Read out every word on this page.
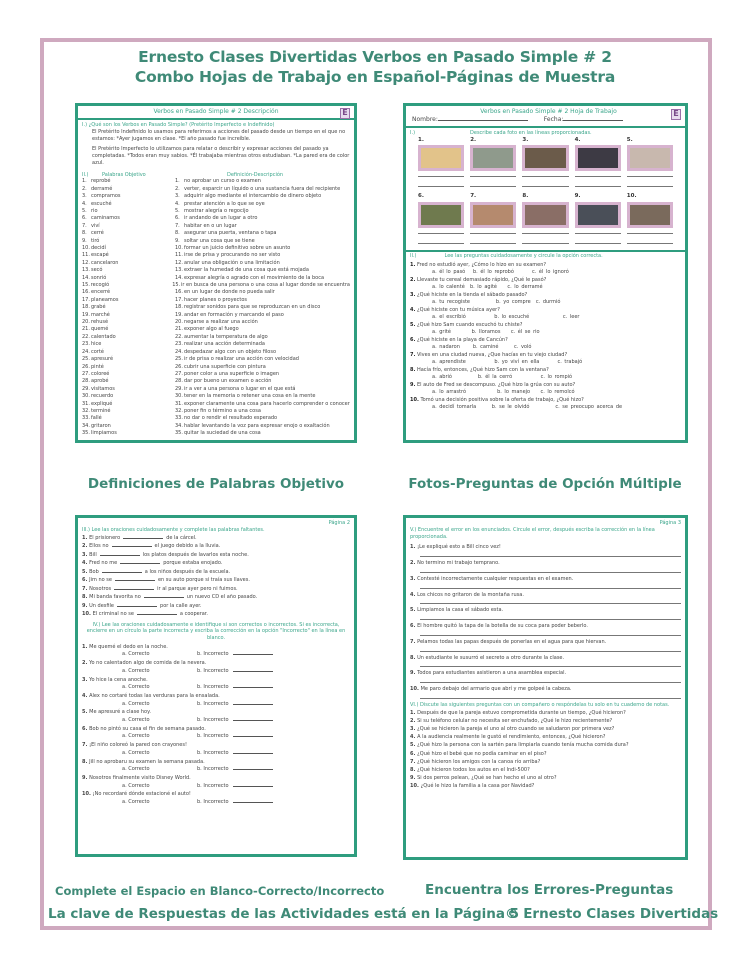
Ernesto Clases Divertidas Verbos en Pasado Simple # 2
Combo Hojas de Trabajo en Español-Páginas de Muestra
Verbos en Pasado Simple # 2 Descripción	E
I.) ¿Qué son los Verbos en Pasado Simple? (Pretérito Imperfecto e Indefinido)
El Pretérito Indefinido lo usamos para referirnos a acciones del pasado desde un tiempo en el que no estamos: *Ayer jugamos en clase. *El año pasado fue increíble.
El Pretérito Imperfecto lo utilizamos para relatar o describir y expresar acciones del pasado ya completadas. *Todos eran muy sabios. *Él trabajaba mientras otros estudiaban. *La pared era de color azul.
II.)	Palabras Objetivo	Definición-Descripción
1. reprobé	1. no aprobar un curso o examen
2. derramé	2. verter, esparcir un líquido o una sustancia fuera del recipiente
3. compramos	3. adquirir algo mediante el intercambio de dinero objeto
4. escuché	4. prestar atención a lo que se oye
5. rio	5. mostrar alegría o regocijo
6. caminamos	6. ir andando de un lugar a otro
7. viví	7. habitar en o un lugar
8. cerré	8. asegurar una puerta, ventana o tapa
9. tiró	9. soltar una cosa que se tiene
10. decidí	10. formar un juicio definitivo sobre un asunto
11. escapé	11. irse de prisa y procurando no ser visto
12. cancelaron	12. anular una obligación o una limitación
13. secó	13. extraer la humedad de una cosa que está mojada
14. sonrió	14. expresar alegría o agrado con el movimiento de la boca
15. recogió	15. ir en busca de una persona o una cosa al lugar donde se encuentra
16. encerré	16. en un lugar de donde no pueda salir
17. planeamos	17. hacer planes o proyectos
18. grabé	18. registrar sonidos para que se reproduzcan en un disco
19. marché	19. andar en formación y marcando el paso
20. rehusé	20. negarse a realizar una acción
21. quemé	21. exponer algo al fuego
22. calentado	22. aumentar la temperatura de algo
23. hice	23. realizar una acción determinada
24. corté	24. despedazar algo con un objeto filoso
25. apresuré	25. ir de prisa o realizar una acción con velocidad
26. pinté	26. cubrir una superficie con pintura
27. coloreé	27. poner color a una superficie o imagen
28. aprobé	28. dar por bueno un examen o acción
29. visitamos	29. ir a ver a una persona o lugar en el que está
30. recuerdo	30. tener en la memoria o retener una cosa en la mente
31. expliqué	31. exponer claramente una cosa para hacerlo comprender o conocer
32. terminé	32. poner fin o término a una cosa
33. fallé	33. no dar o rendir el resultado esperado
34. gritaron	34. hablar levantando la voz para expresar enojo o exaltación
35. limpiamos	35. quitar la suciedad de una cosa
Verbos en Pasado Simple # 2 Hoja de Trabajo
Nombre:	Fecha:
E
I.)	Describe cada foto en las líneas proporcionadas.
1.	2.	3.	4.	5.
6.	7.	8.	9.	10.
II.)	Lee las preguntas cuidadosamente y circule la opción correcta.
1. Fred no estudió ayer, ¿Cómo lo hizo en su examen?
a. él lo pasó   b. él lo reprobó       c. él lo ignoró
2. Llevaste tu cereal demasiado rápido, ¿Qué le pasó?
a. lo calenté  b. lo agité    c. lo derramé
3. ¿Qué hiciste en la tienda el sábado pasado?
a. tu recogiste          b. yo compre  c. durmió
4. ¿Qué hiciste con tu música ayer?
a. el escribió           b. lo escuché             c. leer
5. ¿Qué hizo Sam cuando escuchó tu chiste?
a. grité        b. lloramos    c. él se rio
6. ¿Qué hiciste en la playa de Cancún?
a. nadaron     b. caminé      c. voló
7. Vives en una ciudad nueva, ¿Que hacías en tu viejo ciudad?
a. aprendiste           b. yo viví en ella       c. trabajó
8. Hacía frío, entonces, ¿Qué hizo Sam con la ventana?
a. abrió          b. él la cerró           c. lo rompió
9. El auto de Fred se descompuso. ¿Qué hizo la grúa con su auto?
a. lo arrastró            b. lo manejo    c. lo remolcó
10. Tomó una decisión positiva sobre la oferta de trabajo, ¿Qué hizo?
a. decidí tomarla      b. se le olvidó          c. se preocupo acerca de
Definiciones de Palabras Objetivo	Fotos-Preguntas de Opción Múltiple
Página 2
III.) Lee las oraciones cuidadosamente y complete las palabras faltantes.
1. El prisionero	de la cárcel.
2. Ellos no	el juego debido a la lluvia.
3. Bill	los platos después de lavarlos esta noche.
4. Fred no me	porque estaba enojado.
5. Bob	a los niños después de la escuela.
6. Jim no se	en su auto porque si traía sus llaves.
7. Nosotros	ir al parque ayer pero ni fuimos.
8. Mi banda favorita no	un nuevo CD el año pasado.
9. Un desfile	por la calle ayer.
10. El criminal no se	a cooperar.
IV.) Lee las oraciones cuidadosamente e identifique si son correctos o incorrectos. Si es incorrecta, encierre en un círculo la parte incorrecta y escriba la corrección en la opción "Incorrecto" en la línea en blanco.
1. Me quemé el dedo en la noche.
a. Correcto	b. Incorrecto
2. Yo no calentadon algo de comida de la nevera.
a. Correcto	b. Incorrecto
3. Yo hice la cena anoche.
a. Correcto	b. Incorrecto
4. Alex no cortaré todas las verduras para la ensalada.
a. Correcto	b. Incorrecto
5. Me apresuré a clase hoy.
a. Correcto	b. Incorrecto
6. Bob no pintó su casa el fin de semana pasado.
a. Correcto	b. Incorrecto
7. ¡El niño coloreó la pared con crayones!
a. Correcto	b. Incorrecto
8. Jill no aprobaru su examen la semana pasada.
a. Correcto	b. Incorrecto
9. Nosotros finalmente visito Disney World.
a. Correcto	b. Incorrecto
10. ¡No recordaré dónde estacioné el auto!
a. Correcto	b. Incorrecto
Página 3
V.) Encuentre el error en los enunciados. Circule el error, después escriba la corrección en la línea proporcionada.
1. ¡Le expliqué esto a Bill cinco vez!
2. No termino mi trabajo temprano.
3. Contesté incorrectamente cualquier respuestas en el examen.
4. Los chicos no gritaron de la montaña rusa.
5. Limpiamos la casa el sábado esta.
6. El hombre quitó la tapa de la botella de su coca para poder beberlo.
7. Pelamos todas las papas después de ponerlas en el agua para que hiervan.
8. Un estudiante le susurró el secreto a otro durante la clase.
9. Todos para estudiantes asistieron a una asamblea especial.
10. Me paro debajo del armario que abrí y me golpeé la cabeza.
VI.) Discute las siguientes preguntas con un compañero o respóndelas tu solo en tu cuaderno de notas.
1. Después de que la pareja estuvo comprometida durante un tiempo, ¿Qué hicieron?
2. Si su teléfono celular no necesita ser enchufado, ¿Qué le hizo recientemente?
3. ¿Qué se hicieron la pareja el uno al otro cuando se saludaron por primera vez?
4. A la audiencia realmente le gustó el rendimiento, entonces, ¿Qué hicieron?
5. ¿Qué hizo la persona con la sartén para limpiarla cuando tenía mucha comida dura?
6. ¿Qué hizo el bebé que no podía caminar en el piso?
7. ¿Qué hicieron los amigos con la canoa río arriba?
8. ¿Qué hicieron todos los autos en el Indi-500?
9. Si dos perros pelean, ¿Qué se han hecho el uno al otro?
10. ¿Qué le hizo la familia a la casa por Navidad?
Complete el Espacio en Blanco-Correcto/Incorrecto	Encuentra los Errores-Preguntas
La clave de Respuestas de las Actividades está en la Página 5
© Ernesto Clases Divertidas
